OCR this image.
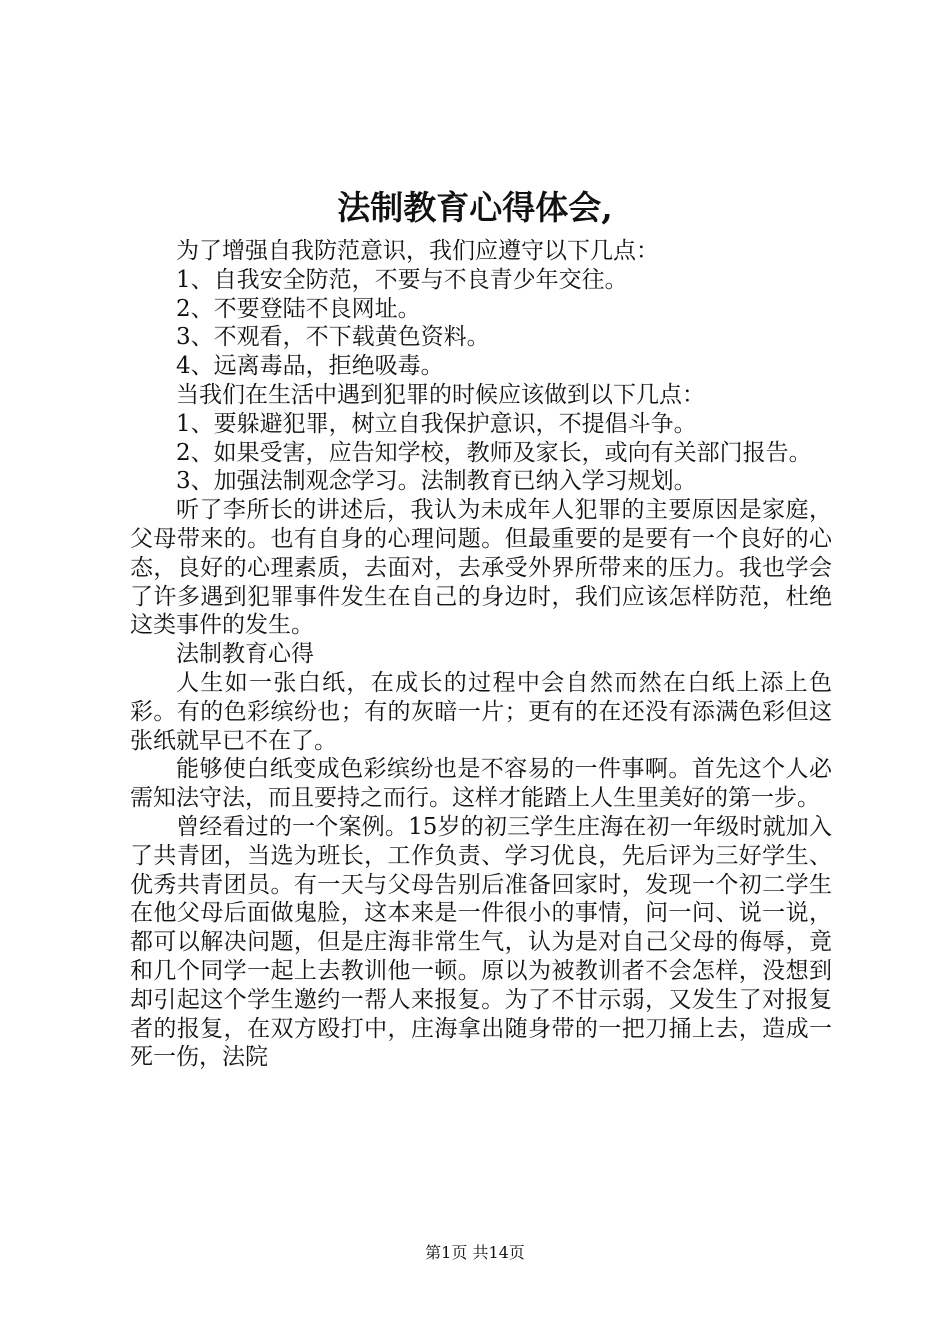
法制教育心得体会,

为了增强自我防范意识，我们应遵守以下几点：

1、自我安全防范，不要与不良青少年交往。

2、不要登陆不良网址。

3、不观看，不下载黄色资料。

4、远离毒品，拒绝吸毒。

当我们在生活中遇到犯罪的时候应该做到以下几点：

1、要躲避犯罪，树立自我保护意识，不提倡斗争。

2、如果受害，应告知学校，教师及家长，或向有关部门报告。

3、加强法制观念学习。法制教育已纳入学习规划。

听了李所长的讲述后，我认为未成年人犯罪的主要原因是家庭，父母带来的。也有自身的心理问题。但最重要的是要有一个良好的心态，良好的心理素质，去面对，去承受外界所带来的压力。我也学会了许多遇到犯罪事件发生在自己的身边时，我们应该怎样防范，杜绝这类事件的发生。

法制教育心得

人生如一张白纸，在成长的过程中会自然而然在白纸上添上色彩。有的色彩缤纷也；有的灰暗一片；更有的在还没有添满色彩但这张纸就早已不在了。

能够使白纸变成色彩缤纷也是不容易的一件事啊。首先这个人必需知法守法，而且要持之而行。这样才能踏上人生里美好的第一步。

曾经看过的一个案例。15岁的初三学生庄海在初一年级时就加入了共青团，当选为班长，工作负责、学习优良，先后评为三好学生、优秀共青团员。有一天与父母告别后准备回家时，发现一个初二学生在他父母后面做鬼脸，这本来是一件很小的事情，问一问、说一说，都可以解决问题，但是庄海非常生气，认为是对自己父母的侮辱，竟和几个同学一起上去教训他一顿。原以为被教训者不会怎样，没想到却引起这个学生邀约一帮人来报复。为了不甘示弱，又发生了对报复者的报复，在双方殴打中，庄海拿出随身带的一把刀捅上去，造成一死一伤，法院

第1页 共14页
